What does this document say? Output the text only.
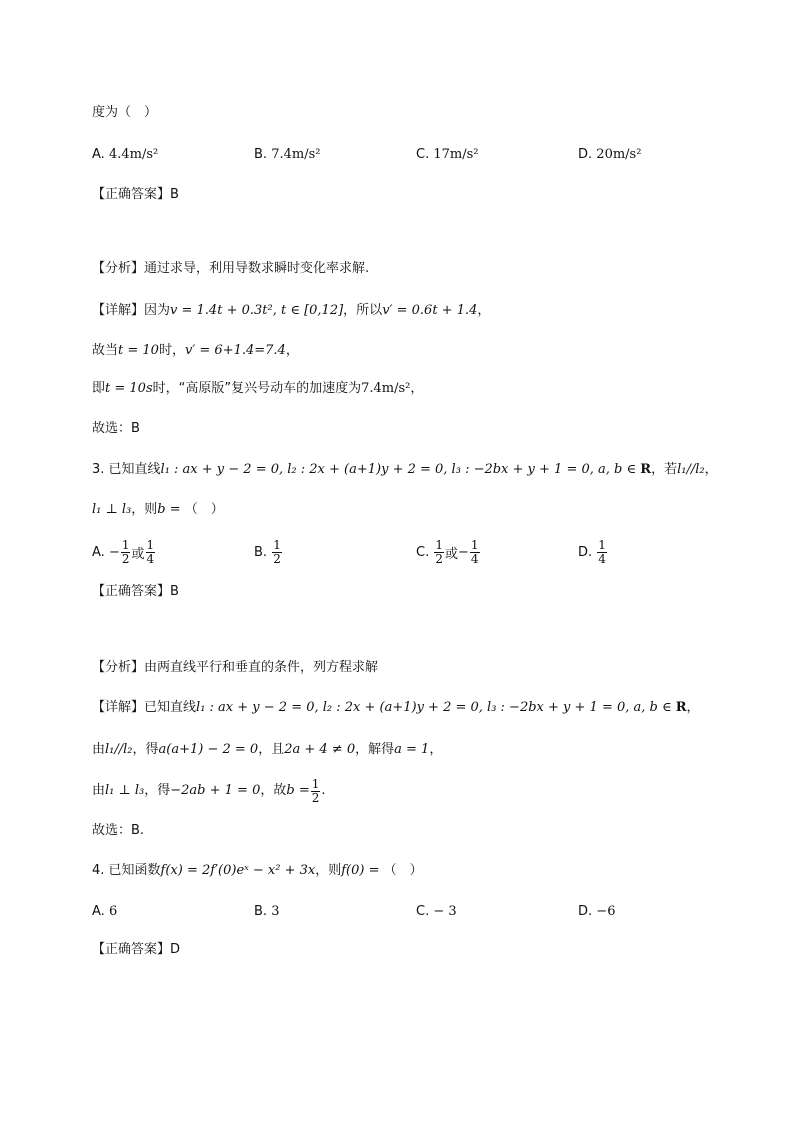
度为（　）
A.
4.4m/s²	B.
7.4m/s²	C.
17m/s²	D.
20m/s²
【正确答案】B
【分析】通过求导，利用导数求瞬时变化率求解.
【详解】因为v = 1.4t + 0.3t², t ∈ [0,12]，所以v′ = 0.6t + 1.4，
故当t = 10时，v′ = 6+1.4=7.4，
即t = 10s时，“高原版”复兴号动车的加速度为7.4m/s²，
故选：B
3. 已知直线l₁ : ax + y − 2 = 0, l₂ : 2x + (a+1)y + 2 = 0, l₃ : −2bx + y + 1 = 0, a, b ∈ R，若l₁//l₂，
l₁ ⊥ l₃，则b = （　）
A.
− $\frac{1}{2}$ 或 $\frac{1}{4}$	B.
$\frac{1}{2}$	C.
$\frac{1}{2}$ 或 − $\frac{1}{4}$	D.
$\frac{1}{4}$
【正确答案】B
【分析】由两直线平行和垂直的条件，列方程求解
【详解】已知直线l₁ : ax + y − 2 = 0, l₂ : 2x + (a+1)y + 2 = 0, l₃ : −2bx + y + 1 = 0, a, b ∈ R，
由l₁//l₂，得a(a+1) − 2 = 0，且2a + 4 ≠ 0，解得a = 1，
由 l₁ ⊥ l₃ ，得 −2ab + 1 = 0 ，故 $b = \frac{1}{2}$ .
故选：B.
4. 已知函数f(x) = 2f′(0)eˣ − x² + 3x，则f(0) = （　）
A.
6	B.
3	C.
− 3	D.
−6
【正确答案】D
